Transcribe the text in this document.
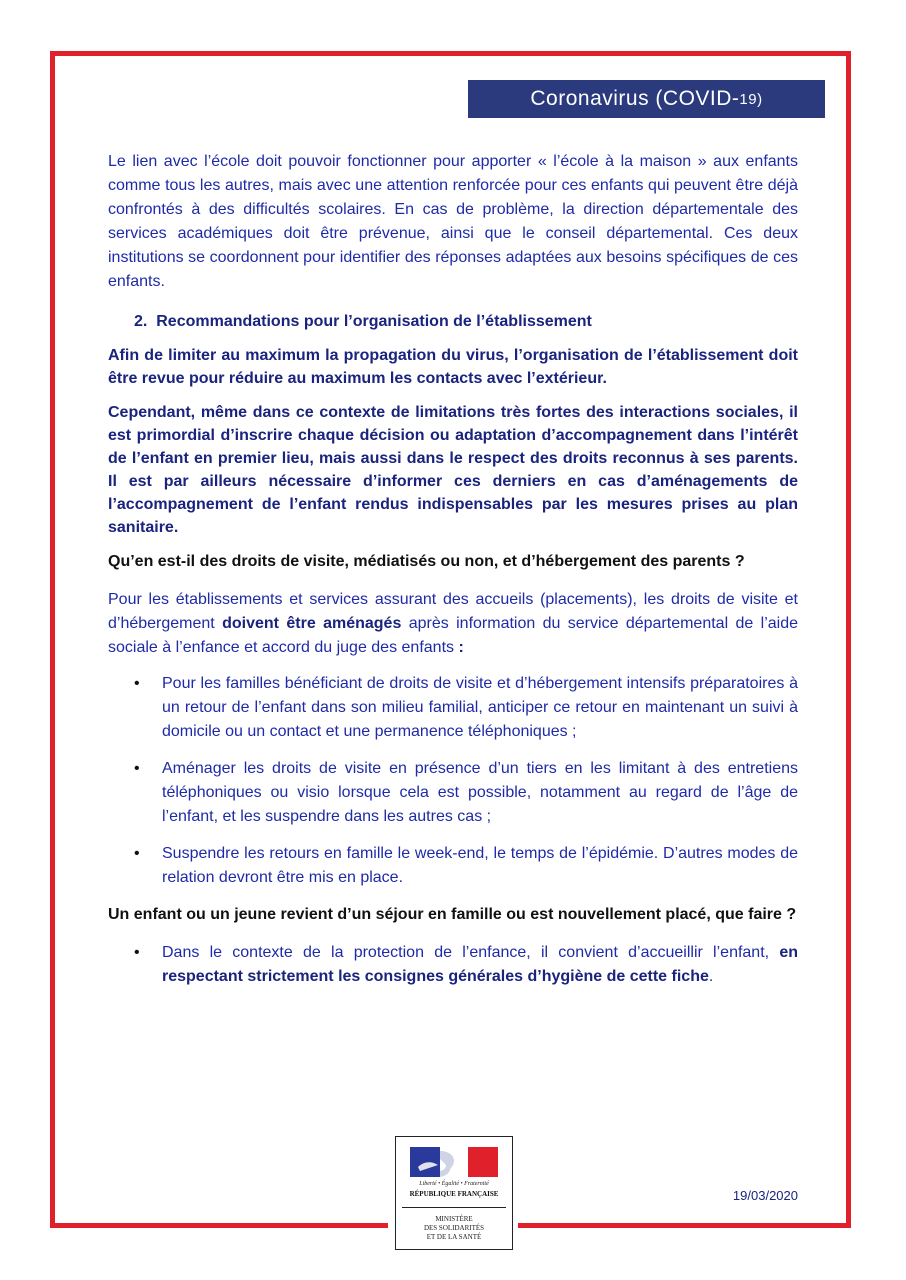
Coronavirus (COVID- 19)

Le lien avec l’école doit pouvoir fonctionner pour apporter « l’école à la maison » aux enfants comme tous les autres, mais avec une attention renforcée pour ces enfants qui peuvent être déjà confrontés à des difficultés scolaires. En cas de problème, la direction départementale des services académiques doit être prévenue, ainsi que le conseil départemental. Ces deux institutions se coordonnent pour identifier des réponses adaptées aux besoins spécifiques de ces enfants.

2. Recommandations pour l’organisation de l’établissement

Afin de limiter au maximum la propagation du virus, l’organisation de l’établissement doit être revue pour réduire au maximum les contacts avec l’extérieur.

Cependant, même dans ce contexte de limitations très fortes des interactions sociales, il est primordial d’inscrire chaque décision ou adaptation d’accompagnement dans l’intérêt de l’enfant en premier lieu, mais aussi dans le respect des droits reconnus à ses parents. Il est par ailleurs nécessaire d’informer ces derniers en cas d’aménagements de l’accompagnement de l’enfant rendus indispensables par les mesures prises au plan sanitaire.

Qu’en est-il des droits de visite, médiatisés ou non, et d’hébergement des parents ?

Pour les établissements et services assurant des accueils (placements), les droits de visite et d’hébergement doivent être aménagés après information du service départemental de l’aide sociale à l’enfance et accord du juge des enfants :

• Pour les familles bénéficiant de droits de visite et d’hébergement intensifs préparatoires à un retour de l’enfant dans son milieu familial, anticiper ce retour en maintenant un suivi à domicile ou un contact et une permanence téléphoniques ;
• Aménager les droits de visite en présence d’un tiers en les limitant à des entretiens téléphoniques ou visio lorsque cela est possible, notamment au regard de l’âge de l’enfant, et les suspendre dans les autres cas ;
• Suspendre les retours en famille le week-end, le temps de l’épidémie. D’autres modes de relation devront être mis en place.

Un enfant ou un jeune revient d’un séjour en famille ou est nouvellement placé, que faire ?

• Dans le contexte de la protection de l’enfance, il convient d’accueillir l’enfant, en respectant strictement les consignes générales d’hygiène de cette fiche.
Liberté • Égalité • Fraternité
RÉPUBLIQUE FRANÇAISE
MINISTÈRE
DES SOLIDARITÉS
ET DE LA SANTÉ
19/03/2020
